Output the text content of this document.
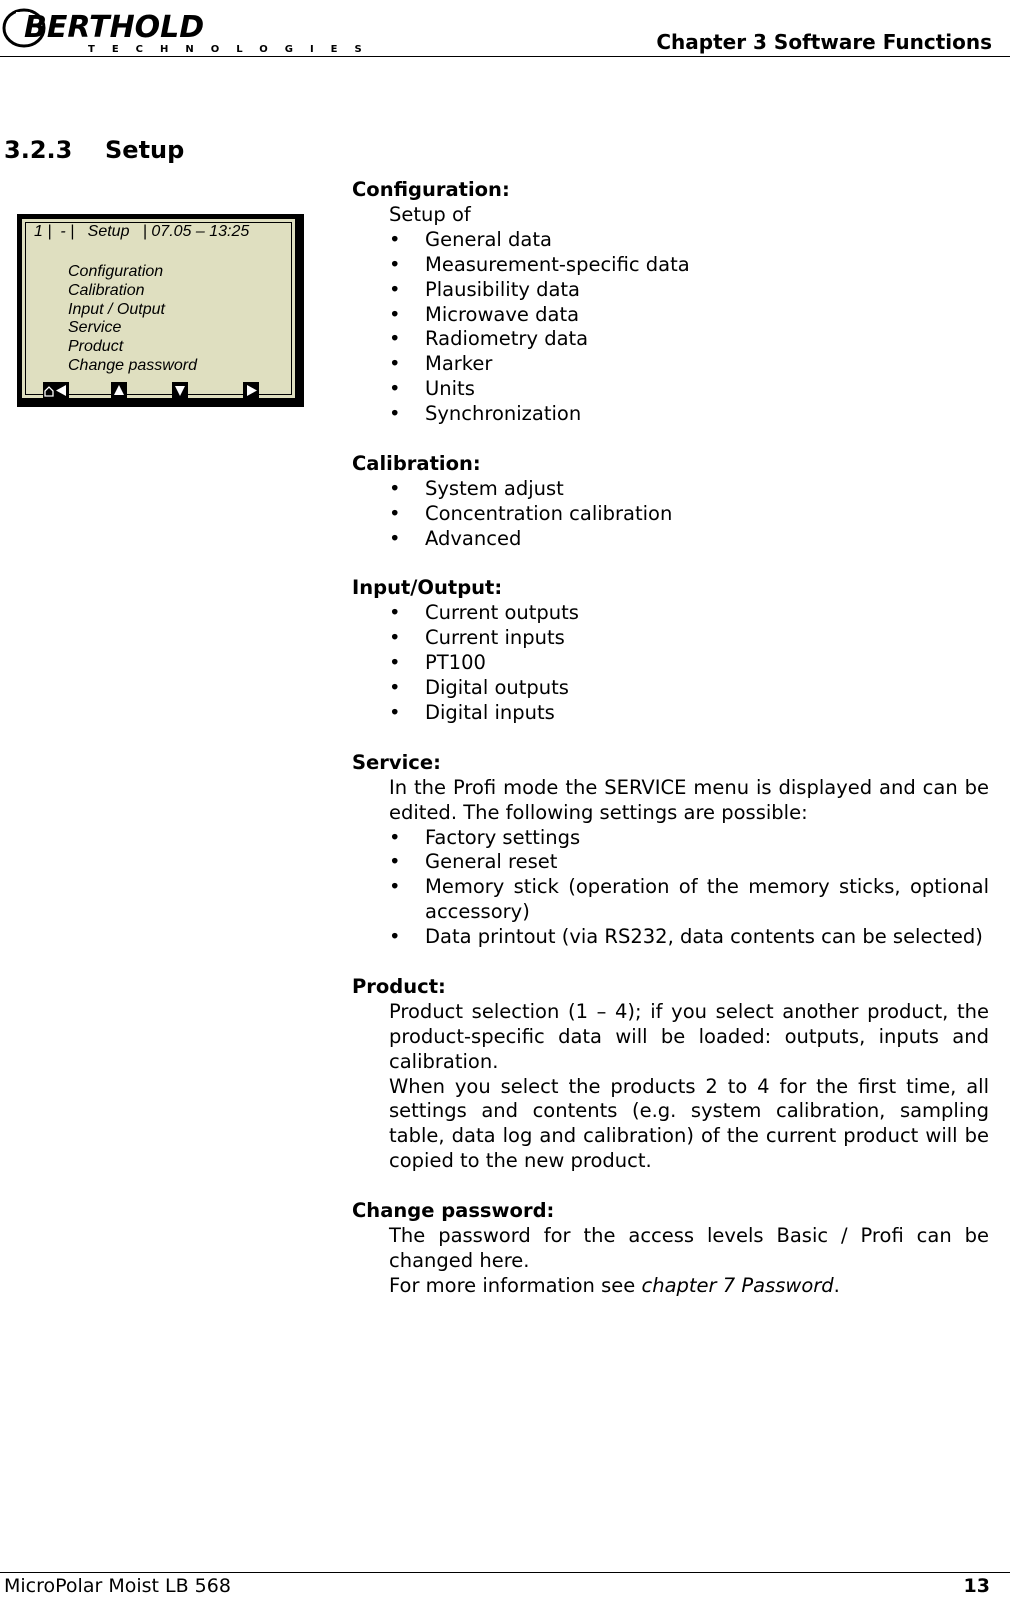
BERTHOLD
TECHNOLOGIES	Chapter 3 Software Functions
3.2.3 Setup
1 |  - |   Setup   | 07.05 – 13:25
Configuration
Calibration
Input / Output
Service
Product
Change password
Configuration:
Setup of
• General data
• Measurement-specific data
• Plausibility data
• Microwave data
• Radiometry data
• Marker
• Units
• Synchronization
Calibration:
• System adjust
• Concentration calibration
• Advanced
Input/Output:
• Current outputs
• Current inputs
• PT100
• Digital outputs
• Digital inputs
Service:
In the Profi mode the SERVICE menu is displayed and can be edited. The following settings are possible:
• Factory settings
• General reset
• Memory stick (operation of the memory sticks, optional accessory)
• Data printout (via RS232, data contents can be selected)
Product:
Product selection (1 – 4); if you select another product, the product-specific data will be loaded: outputs, inputs and calibration.
When you select the products 2 to 4 for the first time, all settings and contents (e.g. system calibration, sampling table, data log and calibration) of the current product will be copied to the new product.
Change password:
The password for the access levels Basic / Profi can be changed here.
For more information see chapter 7 Password.
MicroPolar Moist LB 568	13
